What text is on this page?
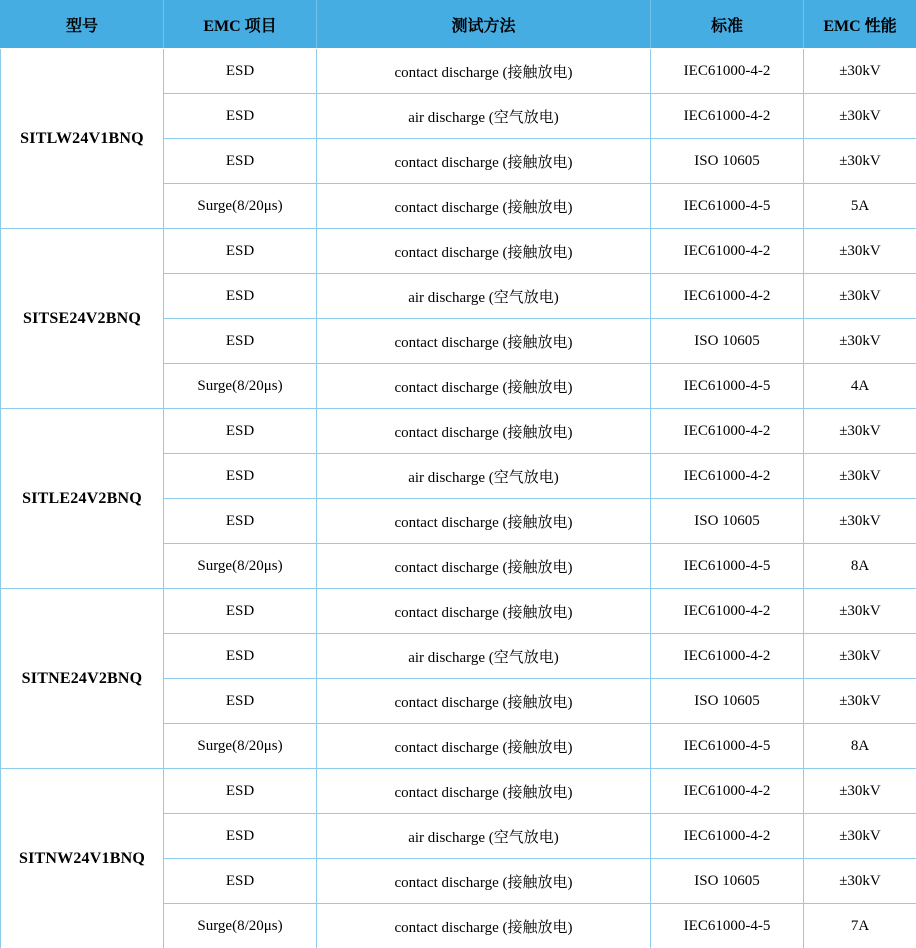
型号	EMC 项目	测试方法	标准	EMC 性能
SITLW24V1BNQ	ESD	contact discharge (接触放电)	IEC61000-4-2	±30kV
	ESD	air discharge (空气放电)	IEC61000-4-2	±30kV
	ESD	contact discharge (接触放电)	ISO 10605	±30kV
	Surge(8/20μs)	contact discharge (接触放电)	IEC61000-4-5	5A
SITSE24V2BNQ	ESD	contact discharge (接触放电)	IEC61000-4-2	±30kV
	ESD	air discharge (空气放电)	IEC61000-4-2	±30kV
	ESD	contact discharge (接触放电)	ISO 10605	±30kV
	Surge(8/20μs)	contact discharge (接触放电)	IEC61000-4-5	4A
SITLE24V2BNQ	ESD	contact discharge (接触放电)	IEC61000-4-2	±30kV
	ESD	air discharge (空气放电)	IEC61000-4-2	±30kV
	ESD	contact discharge (接触放电)	ISO 10605	±30kV
	Surge(8/20μs)	contact discharge (接触放电)	IEC61000-4-5	8A
SITNE24V2BNQ	ESD	contact discharge (接触放电)	IEC61000-4-2	±30kV
	ESD	air discharge (空气放电)	IEC61000-4-2	±30kV
	ESD	contact discharge (接触放电)	ISO 10605	±30kV
	Surge(8/20μs)	contact discharge (接触放电)	IEC61000-4-5	8A
SITNW24V1BNQ	ESD	contact discharge (接触放电)	IEC61000-4-2	±30kV
	ESD	air discharge (空气放电)	IEC61000-4-2	±30kV
	ESD	contact discharge (接触放电)	ISO 10605	±30kV
	Surge(8/20μs)	contact discharge (接触放电)	IEC61000-4-5	7A
